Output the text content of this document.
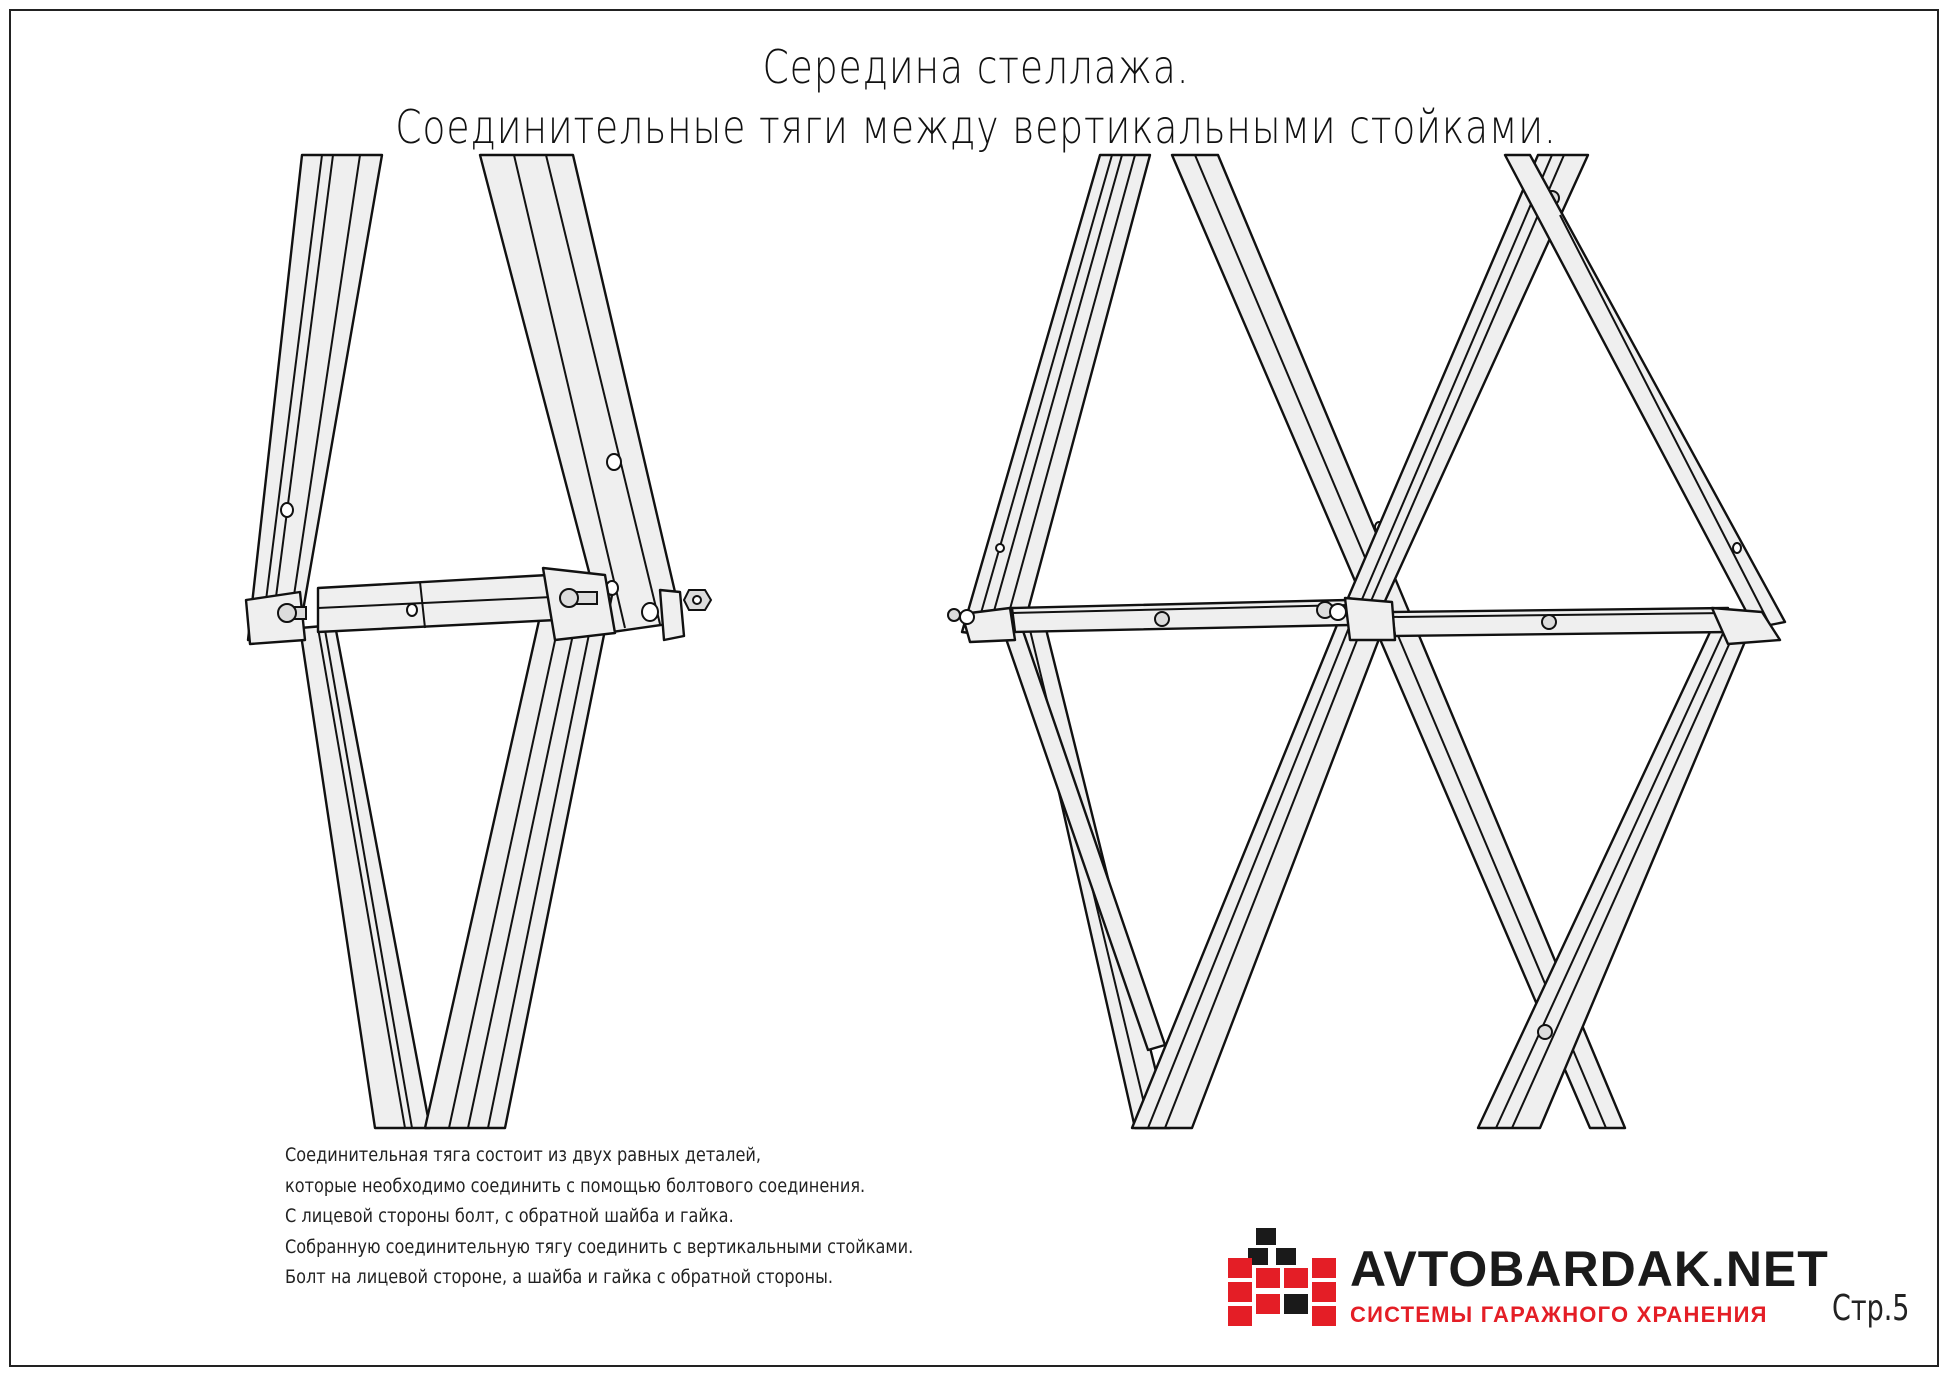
Середина стеллажа.
Соединительные тяги между вертикальными стойками.
Соединительная тяга состоит из двух равных деталей,
которые необходимо соединить с помощью болтового соединения.
С лицевой стороны болт, с обратной шайба и гайка.
Собранную соединительную тягу соединить с вертикальными стойками.
Болт на лицевой стороне, а шайба и гайка с обратной стороны.	AVTOBARDAK.NET
СИСТЕМЫ ГАРАЖНОГО ХРАНЕНИЯ Стр.5
